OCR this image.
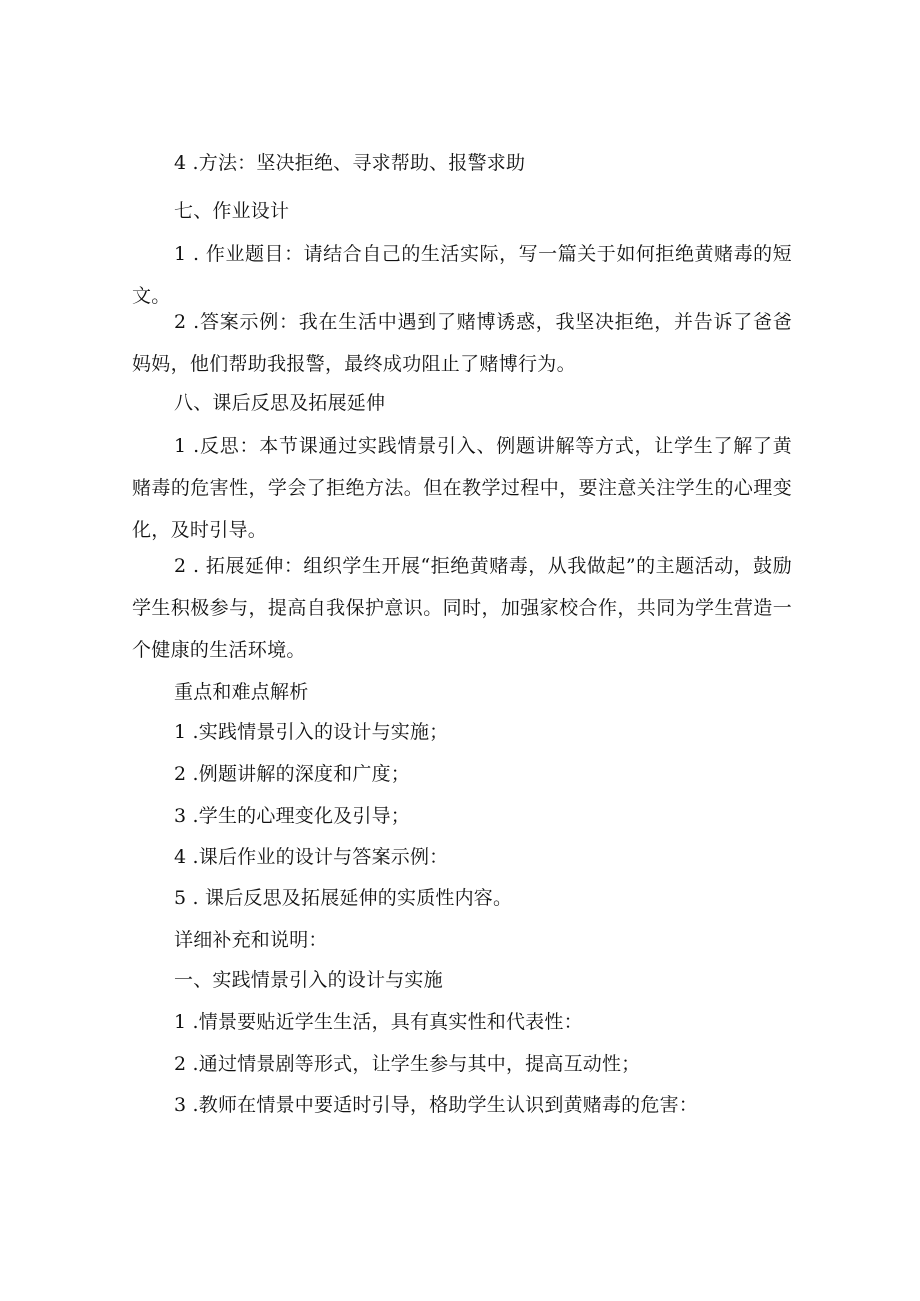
4 .方法：坚决拒绝、寻求帮助、报警求助
七、作业设计
1 . 作业题目：请结合自己的生活实际，写一篇关于如何拒绝黄赌毒的短文。
2 .答案示例：我在生活中遇到了赌博诱惑，我坚决拒绝，并告诉了爸爸妈妈，他们帮助我报警，最终成功阻止了赌博行为。
八、课后反思及拓展延伸
1 .反思：本节课通过实践情景引入、例题讲解等方式，让学生了解了黄赌毒的危害性，学会了拒绝方法。但在教学过程中，要注意关注学生的心理变化，及时引导。
2 . 拓展延伸：组织学生开展“拒绝黄赌毒，从我做起”的主题活动，鼓励学生积极参与，提高自我保护意识。同时，加强家校合作，共同为学生营造一个健康的生活环境。
重点和难点解析
1 .实践情景引入的设计与实施；
2 .例题讲解的深度和广度；
3 .学生的心理变化及引导；
4 .课后作业的设计与答案示例：
5 . 课后反思及拓展延伸的实质性内容。
详细补充和说明：
一、实践情景引入的设计与实施
1 .情景要贴近学生生活，具有真实性和代表性：
2 .通过情景剧等形式，让学生参与其中，提高互动性；
3 .教师在情景中要适时引导，格助学生认识到黄赌毒的危害：
